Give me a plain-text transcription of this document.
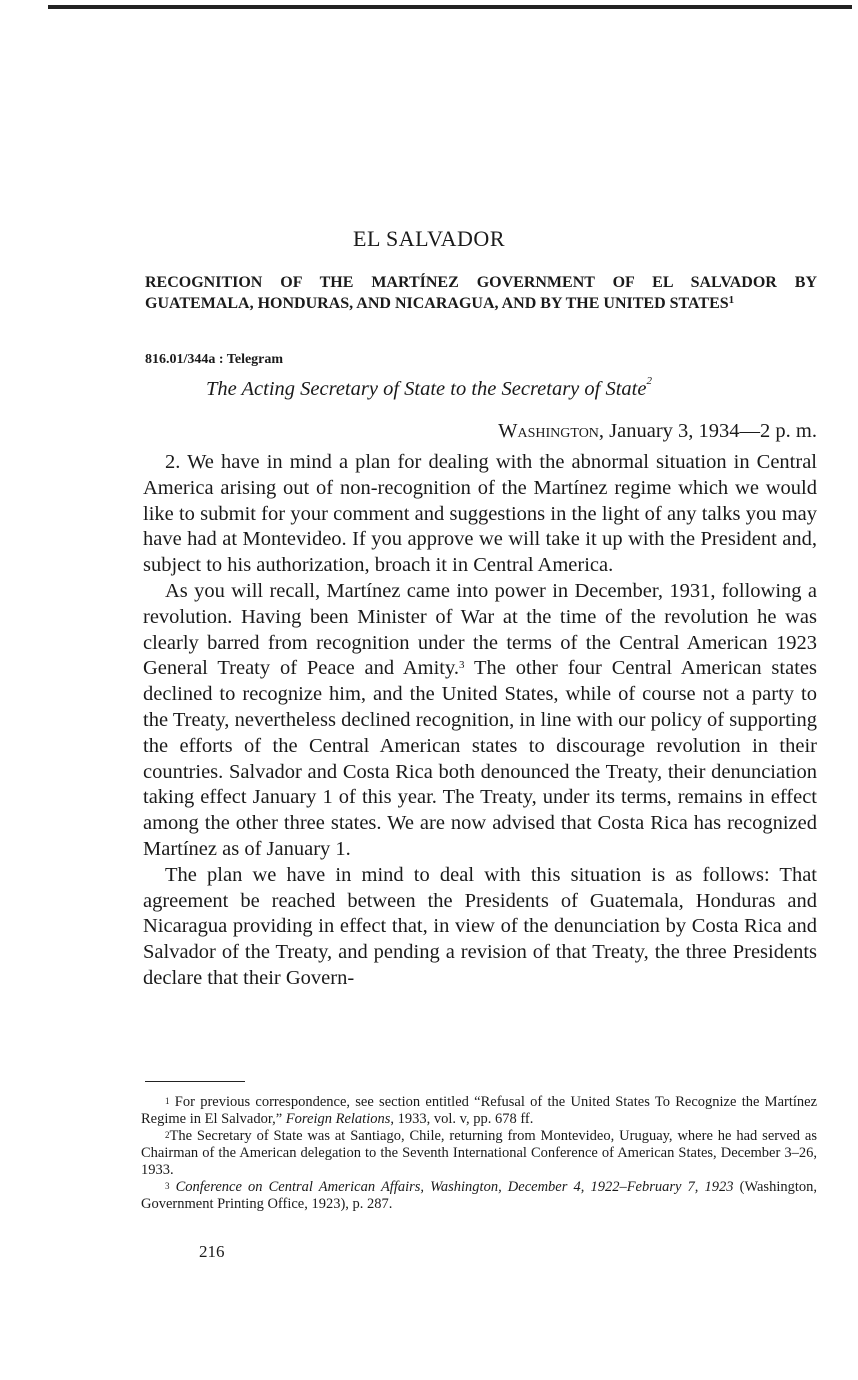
EL SALVADOR
RECOGNITION OF THE MARTÍNEZ GOVERNMENT OF EL SALVADOR BY GUATEMALA, HONDURAS, AND NICARAGUA, AND BY THE UNITED STATES$^1$
816.01/344a : Telegram
The Acting Secretary of State to the Secretary of State$^2$
Washington, January 3, 1934—2 p. m.

2. We have in mind a plan for dealing with the abnormal situation in Central America arising out of non-recognition of the Martínez regime which we would like to submit for your comment and suggestions in the light of any talks you may have had at Montevideo. If you approve we will take it up with the President and, subject to his authorization, broach it in Central America.

As you will recall, Martínez came into power in December, 1931, following a revolution. Having been Minister of War at the time of the revolution he was clearly barred from recognition under the terms of the Central American 1923 General Treaty of Peace and Amity.$^3$ The other four Central American states declined to recognize him, and the United States, while of course not a party to the Treaty, nevertheless declined recognition, in line with our policy of supporting the efforts of the Central American states to discourage revolution in their countries. Salvador and Costa Rica both denounced the Treaty, their denunciation taking effect January 1 of this year. The Treaty, under its terms, remains in effect among the other three states. We are now advised that Costa Rica has recognized Martínez as of January 1.

The plan we have in mind to deal with this situation is as follows: That agreement be reached between the Presidents of Guatemala, Honduras and Nicaragua providing in effect that, in view of the denunciation by Costa Rica and Salvador of the Treaty, and pending a revision of that Treaty, the three Presidents declare that their Govern-

$^1$ For previous correspondence, see section entitled “Refusal of the United States To Recognize the Martínez Regime in El Salvador,” Foreign Relations, 1933, vol. v, pp. 678 ff.

$^2$The Secretary of State was at Santiago, Chile, returning from Montevideo, Uruguay, where he had served as Chairman of the American delegation to the Seventh International Conference of American States, December 3–26, 1933.

$^3$ Conference on Central American Affairs, Washington, December 4, 1922–February 7, 1923 (Washington, Government Printing Office, 1923), p. 287.

216
